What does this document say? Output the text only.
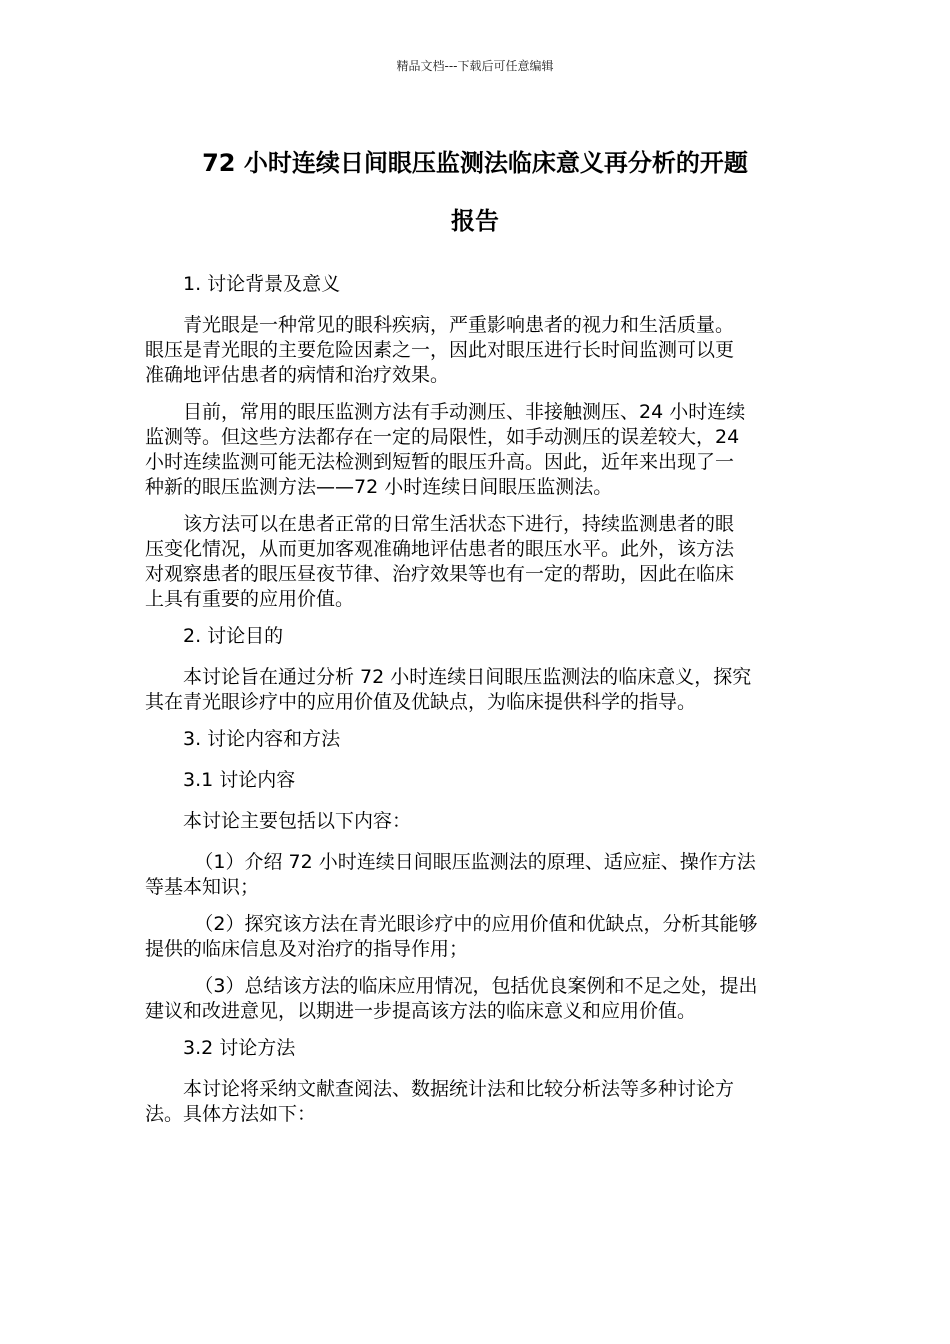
精品文档---下载后可任意编辑
72 小时连续日间眼压监测法临床意义再分析的开题
报告

1. 讨论背景及意义

青光眼是一种常见的眼科疾病，严重影响患者的视力和生活质量。
眼压是青光眼的主要危险因素之一，因此对眼压进行长时间监测可以更
准确地评估患者的病情和治疗效果。

目前，常用的眼压监测方法有手动测压、非接触测压、24 小时连续
监测等。但这些方法都存在一定的局限性，如手动测压的误差较大，24
小时连续监测可能无法检测到短暂的眼压升高。因此，近年来出现了一
种新的眼压监测方法——72 小时连续日间眼压监测法。

该方法可以在患者正常的日常生活状态下进行，持续监测患者的眼
压变化情况，从而更加客观准确地评估患者的眼压水平。此外，该方法
对观察患者的眼压昼夜节律、治疗效果等也有一定的帮助，因此在临床
上具有重要的应用价值。

2. 讨论目的

本讨论旨在通过分析 72 小时连续日间眼压监测法的临床意义，探究
其在青光眼诊疗中的应用价值及优缺点，为临床提供科学的指导。

3. 讨论内容和方法

3.1 讨论内容

本讨论主要包括以下内容：

（1）介绍 72 小时连续日间眼压监测法的原理、适应症、操作方法
等基本知识；

（2）探究该方法在青光眼诊疗中的应用价值和优缺点，分析其能够
提供的临床信息及对治疗的指导作用；

（3）总结该方法的临床应用情况，包括优良案例和不足之处，提出
建议和改进意见，以期进一步提高该方法的临床意义和应用价值。

3.2 讨论方法

本讨论将采纳文献查阅法、数据统计法和比较分析法等多种讨论方
法。具体方法如下：
